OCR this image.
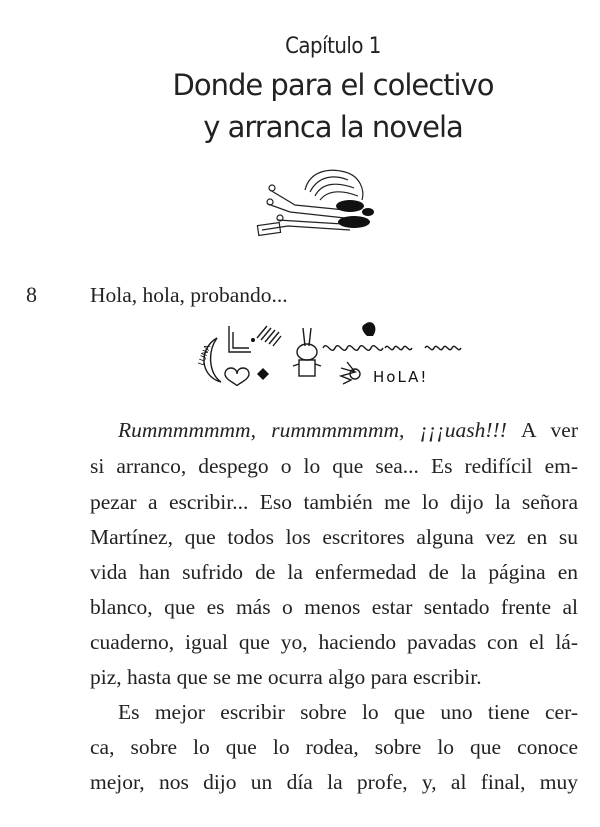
Capítulo 1
Donde para el colectivo
y arranca la novela
8 Hola, hola, probando...
LUNA
HoLA!
Rummmmmmm, rummmmmmm, ¡¡¡uash!!! A ver
si arranco, despego o lo que sea... Es redifícil em-
pezar a escribir... Eso también me lo dijo la señora
Martínez, que todos los escritores alguna vez en su
vida han sufrido de la enfermedad de la página en
blanco, que es más o menos estar sentado frente al
cuaderno, igual que yo, haciendo pavadas con el lá-
piz, hasta que se me ocurra algo para escribir.
Es mejor escribir sobre lo que uno tiene cer-
ca, sobre lo que lo rodea, sobre lo que conoce
mejor, nos dijo un día la profe, y, al final, muy
